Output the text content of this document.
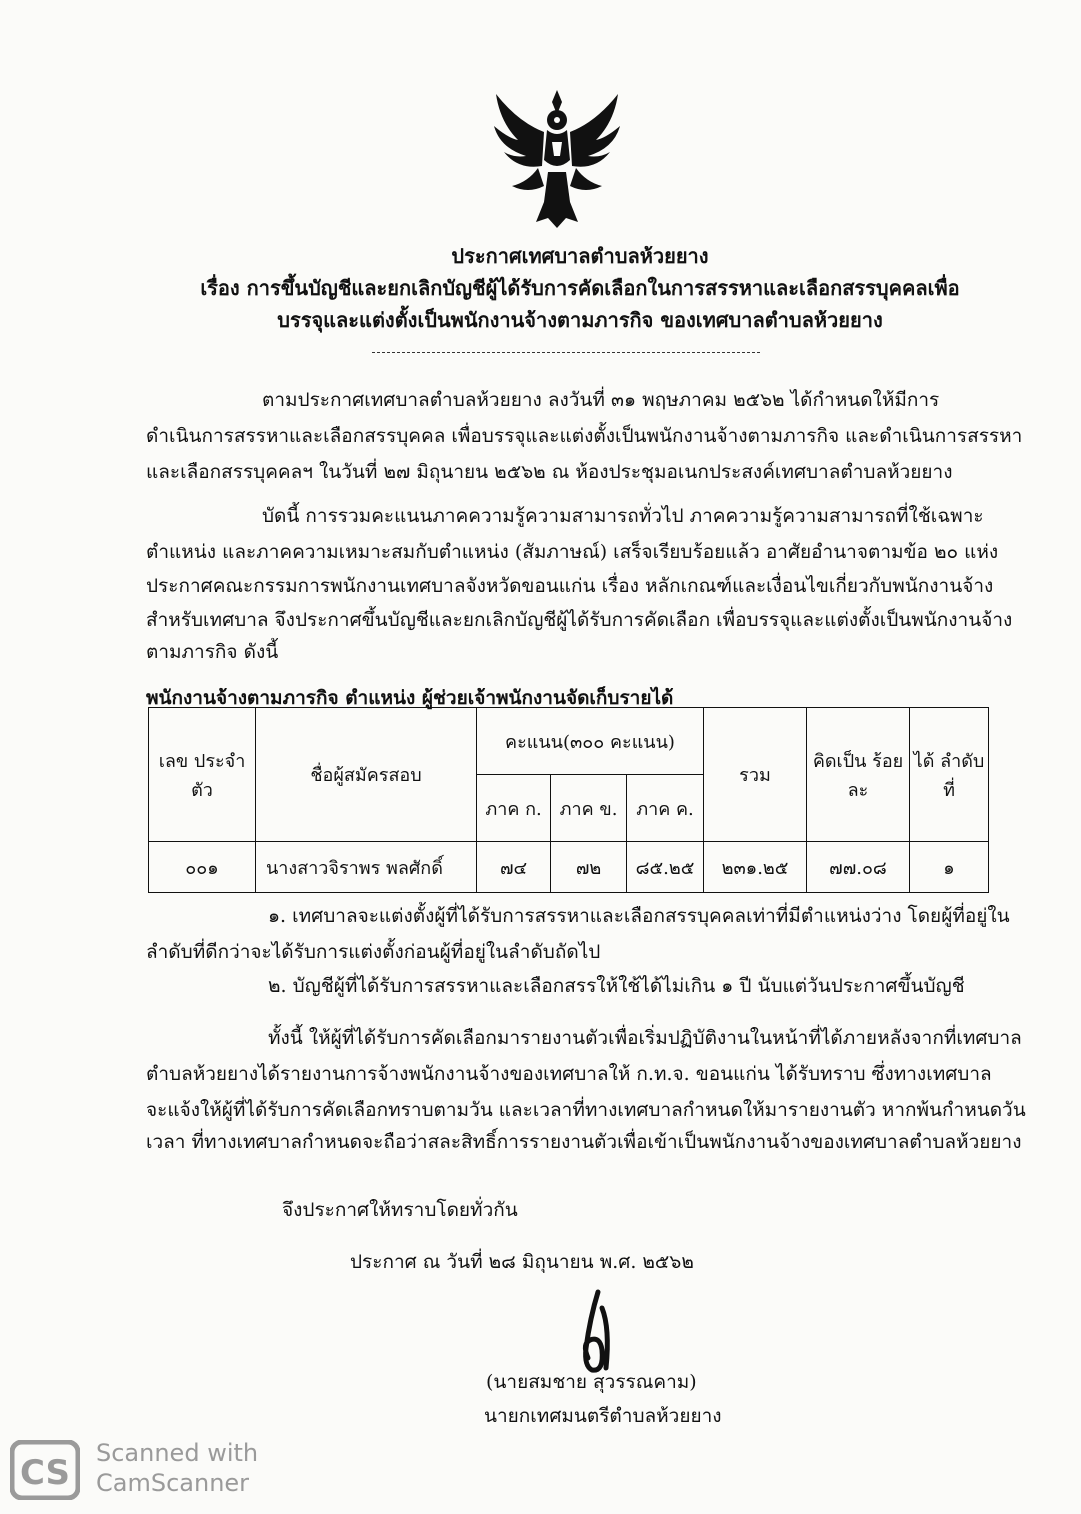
ประกาศเทศบาลตำบลห้วยยาง
เรื่อง การขึ้นบัญชีและยกเลิกบัญชีผู้ได้รับการคัดเลือกในการสรรหาและเลือกสรรบุคคลเพื่อ
บรรจุและแต่งตั้งเป็นพนักงานจ้างตามภารกิจ ของเทศบาลตำบลห้วยยาง
ตามประกาศเทศบาลตำบลห้วยยาง ลงวันที่ ๓๑ พฤษภาคม ๒๕๖๒ ได้กำหนดให้มีการ
ดำเนินการสรรหาและเลือกสรรบุคคล เพื่อบรรจุและแต่งตั้งเป็นพนักงานจ้างตามภารกิจ และดำเนินการสรรหา
และเลือกสรรบุคคลฯ ในวันที่ ๒๗ มิถุนายน ๒๕๖๒ ณ ห้องประชุมอเนกประสงค์เทศบาลตำบลห้วยยาง
บัดนี้ การรวมคะแนนภาคความรู้ความสามารถทั่วไป ภาคความรู้ความสามารถที่ใช้เฉพาะ
ตำแหน่ง และภาคความเหมาะสมกับตำแหน่ง (สัมภาษณ์) เสร็จเรียบร้อยแล้ว อาศัยอำนาจตามข้อ ๒๐ แห่ง
ประกาศคณะกรรมการพนักงานเทศบาลจังหวัดขอนแก่น เรื่อง หลักเกณฑ์และเงื่อนไขเกี่ยวกับพนักงานจ้าง
สำหรับเทศบาล จึงประกาศขึ้นบัญชีและยกเลิกบัญชีผู้ได้รับการคัดเลือก เพื่อบรรจุและแต่งตั้งเป็นพนักงานจ้าง
ตามภารกิจ ดังนี้
พนักงานจ้างตามภารกิจ ตำแหน่ง ผู้ช่วยเจ้าพนักงานจัดเก็บรายได้
เลข ประจำตัว	ชื่อผู้สมัครสอบ	คะแนน(๓๐๐ คะแนน)			รวม	คิดเป็น ร้อยละ	ได้ ลำดับ ที่
		ภาค ก.	ภาค ข.	ภาค ค.			
๐๐๑	นางสาวจิราพร พลศักดิ์	๗๔	๗๒	๘๕.๒๕	๒๓๑.๒๕	๗๗.๐๘	๑
๑. เทศบาลจะแต่งตั้งผู้ที่ได้รับการสรรหาและเลือกสรรบุคคลเท่าที่มีตำแหน่งว่าง โดยผู้ที่อยู่ใน
ลำดับที่ดีกว่าจะได้รับการแต่งตั้งก่อนผู้ที่อยู่ในลำดับถัดไป
๒. บัญชีผู้ที่ได้รับการสรรหาและเลือกสรรให้ใช้ได้ไม่เกิน ๑ ปี นับแต่วันประกาศขึ้นบัญชี
ทั้งนี้ ให้ผู้ที่ได้รับการคัดเลือกมารายงานตัวเพื่อเริ่มปฏิบัติงานในหน้าที่ได้ภายหลังจากที่เทศบาล
ตำบลห้วยยางได้รายงานการจ้างพนักงานจ้างของเทศบาลให้ ก.ท.จ. ขอนแก่น ได้รับทราบ ซึ่งทางเทศบาล
จะแจ้งให้ผู้ที่ได้รับการคัดเลือกทราบตามวัน และเวลาที่ทางเทศบาลกำหนดให้มารายงานตัว หากพ้นกำหนดวัน
เวลา ที่ทางเทศบาลกำหนดจะถือว่าสละสิทธิ์การรายงานตัวเพื่อเข้าเป็นพนักงานจ้างของเทศบาลตำบลห้วยยาง
จึงประกาศให้ทราบโดยทั่วกัน
ประกาศ ณ วันที่ ๒๘ มิถุนายน พ.ศ. ๒๕๖๒
(นายสมชาย สุวรรณคาม)
นายกเทศมนตรีตำบลห้วยยาง
CS Scanned with
CamScanner
